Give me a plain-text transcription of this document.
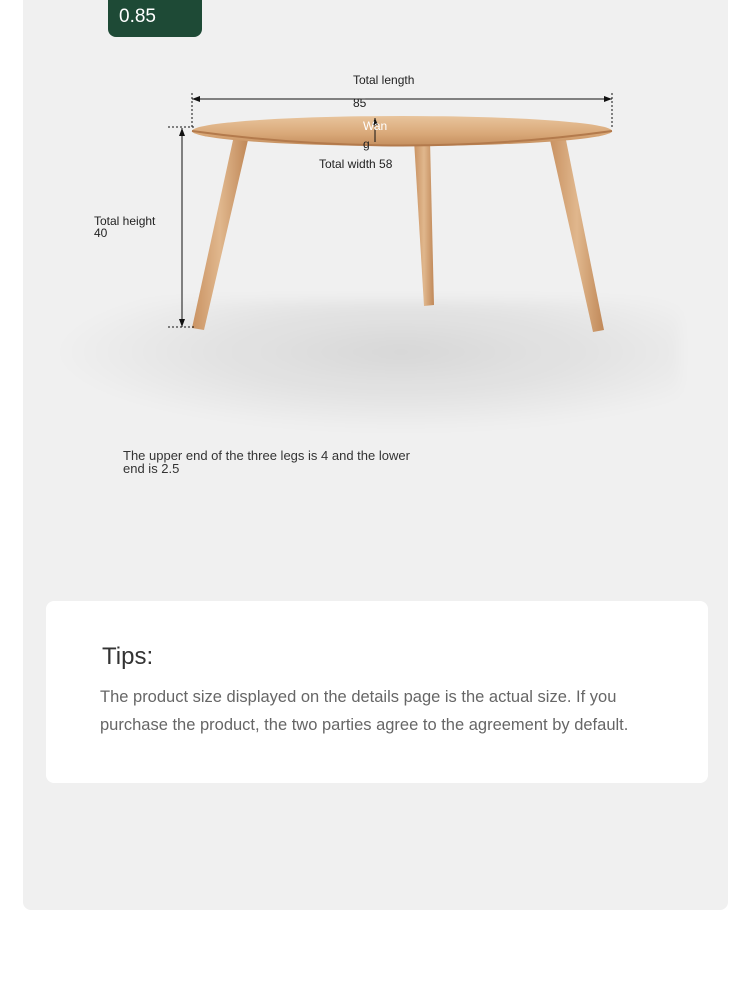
0.85
Total length
85
Wan
g
Total width 58
Total height
40
The upper end of the three legs is 4 and the lower end is 2.5
Tips:
The product size displayed on the details page is the actual size. If you purchase the product, the two parties agree to the agreement by default.
